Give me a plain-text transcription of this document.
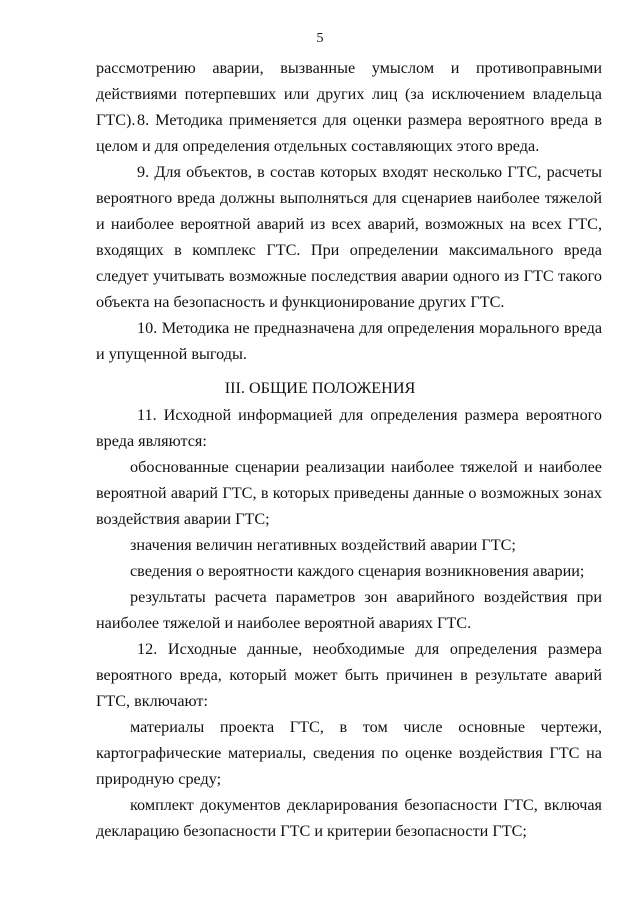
5

рассмотрению аварии, вызванные умыслом и противоправными действиями потерпевших или других лиц (за исключением владельца ГТС). 8. Методика применяется для оценки размера вероятного вреда в целом и для определения отдельных составляющих этого вреда.

9. Для объектов, в состав которых входят несколько ГТС, расчеты вероятного вреда должны выполняться для сценариев наиболее тяжелой и наиболее вероятной аварий из всех аварий, возможных на всех ГТС, входящих в комплекс ГТС. При определении максимального вреда следует учитывать возможные последствия аварии одного из ГТС такого объекта на безопасность и функционирование других ГТС.

10. Методика не предназначена для определения морального вреда и упущенной выгоды.

III. ОБЩИЕ ПОЛОЖЕНИЯ

11. Исходной информацией для определения размера вероятного вреда являются:

обоснованные сценарии реализации наиболее тяжелой и наиболее вероятной аварий ГТС, в которых приведены данные о возможных зонах воздействия аварии ГТС;

значения величин негативных воздействий аварии ГТС;

сведения о вероятности каждого сценария возникновения аварии;

результаты расчета параметров зон аварийного воздействия при наиболее тяжелой и наиболее вероятной авариях ГТС.

12. Исходные данные, необходимые для определения размера вероятного вреда, который может быть причинен в результате аварий ГТС, включают:

материалы проекта ГТС, в том числе основные чертежи, картографические материалы, сведения по оценке воздействия ГТС на природную среду;

комплект документов декларирования безопасности ГТС, включая декларацию безопасности ГТС и критерии безопасности ГТС;
